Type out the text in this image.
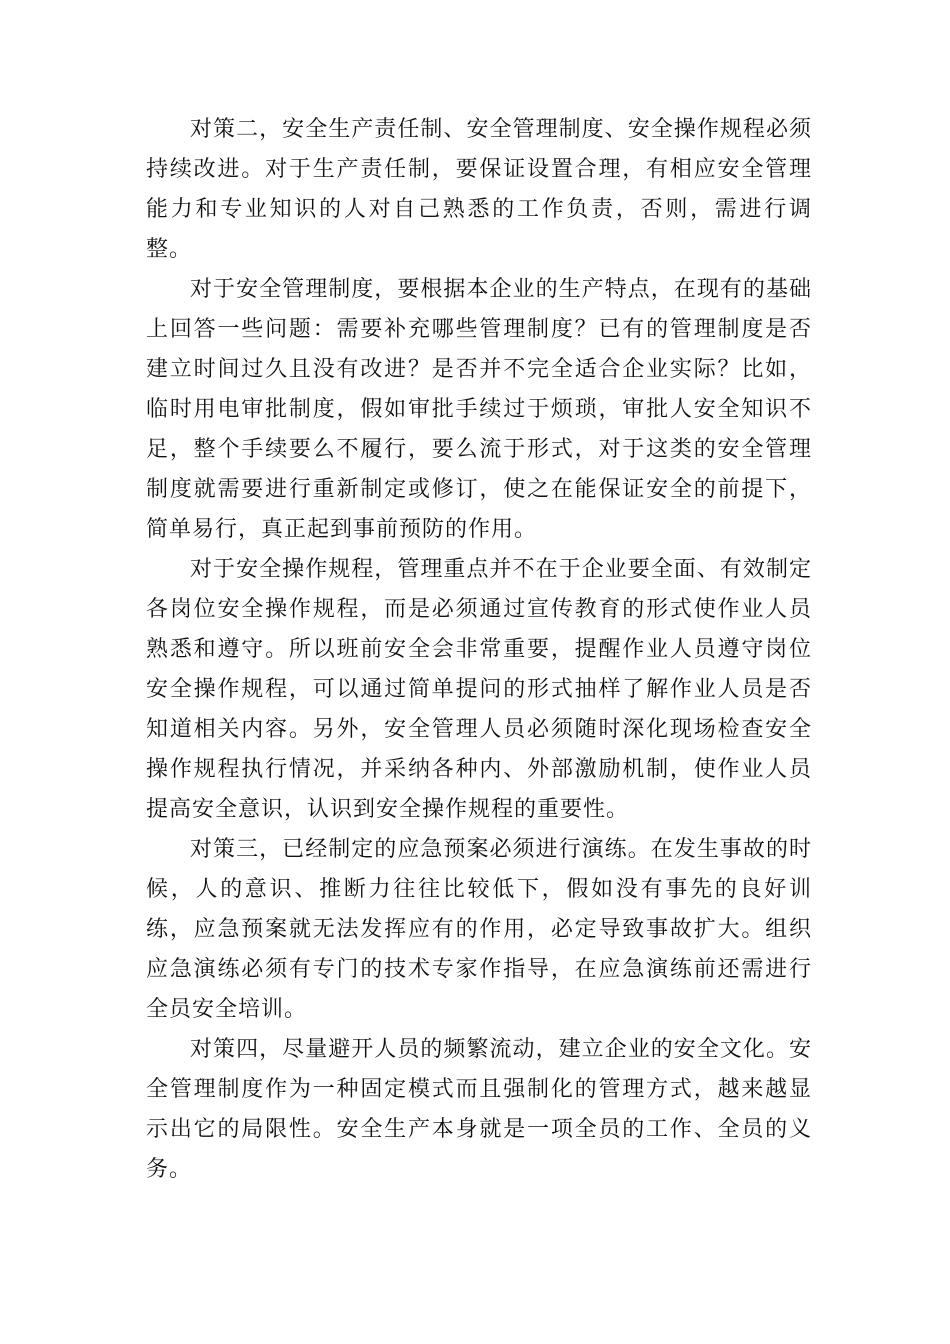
对策二，安全生产责任制、安全管理制度、安全操作规程必须持续改进。对于生产责任制，要保证设置合理，有相应安全管理能力和专业知识的人对自己熟悉的工作负责，否则，需进行调整。

对于安全管理制度，要根据本企业的生产特点，在现有的基础上回答一些问题：需要补充哪些管理制度？已有的管理制度是否建立时间过久且没有改进？是否并不完全适合企业实际？比如，临时用电审批制度，假如审批手续过于烦琐，审批人安全知识不足，整个手续要么不履行，要么流于形式，对于这类的安全管理制度就需要进行重新制定或修订，使之在能保证安全的前提下，简单易行，真正起到事前预防的作用。

对于安全操作规程，管理重点并不在于企业要全面、有效制定各岗位安全操作规程，而是必须通过宣传教育的形式使作业人员熟悉和遵守。所以班前安全会非常重要，提醒作业人员遵守岗位安全操作规程，可以通过简单提问的形式抽样了解作业人员是否知道相关内容。另外，安全管理人员必须随时深化现场检查安全操作规程执行情况，并采纳各种内、外部激励机制，使作业人员提高安全意识，认识到安全操作规程的重要性。

对策三，已经制定的应急预案必须进行演练。在发生事故的时候，人的意识、推断力往往比较低下，假如没有事先的良好训练，应急预案就无法发挥应有的作用，必定导致事故扩大。组织应急演练必须有专门的技术专家作指导，在应急演练前还需进行全员安全培训。

对策四，尽量避开人员的频繁流动，建立企业的安全文化。安全管理制度作为一种固定模式而且强制化的管理方式，越来越显示出它的局限性。安全生产本身就是一项全员的工作、全员的义务。
